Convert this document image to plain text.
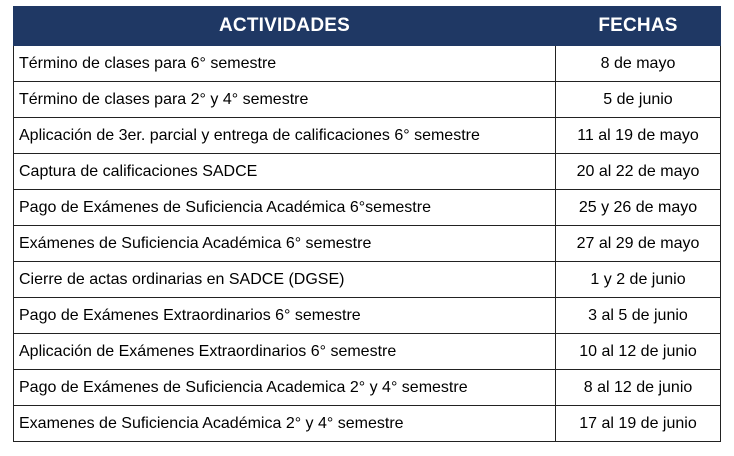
ACTIVIDADES	FECHAS
Término de clases para 6° semestre	8 de mayo
Término de clases para 2° y 4° semestre	5 de junio
Aplicación de 3er. parcial y entrega de calificaciones 6° semestre	11 al 19 de mayo
Captura de calificaciones SADCE	20 al 22 de mayo
Pago de Exámenes de Suficiencia Académica 6°semestre	25 y 26 de mayo
Exámenes de Suficiencia Académica 6° semestre	27 al 29 de mayo
Cierre de actas ordinarias en SADCE (DGSE)	1 y 2 de junio
Pago de Exámenes Extraordinarios 6° semestre	3 al 5 de junio
Aplicación de Exámenes Extraordinarios 6° semestre	10 al 12 de junio
Pago de Exámenes de Suficiencia Academica 2° y 4° semestre	8 al 12 de junio
Examenes de Suficiencia Académica 2° y 4° semestre	17 al 19 de junio
